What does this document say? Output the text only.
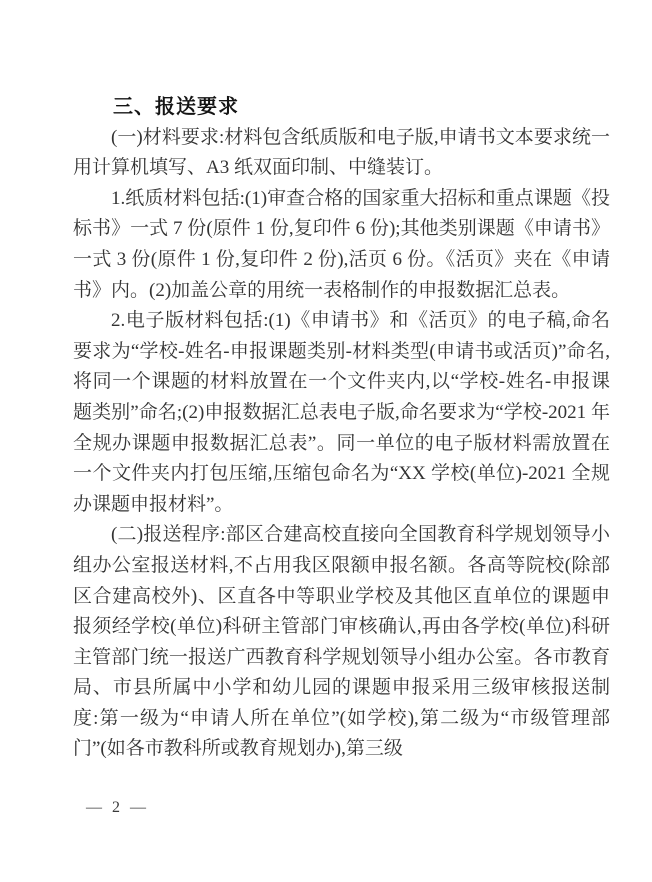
三、报送要求

(一)材料要求:材料包含纸质版和电子版,申请书文本要求统一用计算机填写、A3 纸双面印制、中缝装订。

1.纸质材料包括:(1)审查合格的国家重大招标和重点课题《投标书》一式 7 份(原件 1 份,复印件 6 份);其他类别课题《申请书》一式 3 份(原件 1 份,复印件 2 份),活页 6 份。《活页》夹在《申请书》内。(2)加盖公章的用统一表格制作的申报数据汇总表。

2.电子版材料包括:(1)《申请书》和《活页》的电子稿,命名要求为“学校-姓名-申报课题类别-材料类型(申请书或活页)”命名,将同一个课题的材料放置在一个文件夹内,以“学校-姓名-申报课题类别”命名;(2)申报数据汇总表电子版,命名要求为“学校-2021 年全规办课题申报数据汇总表”。同一单位的电子版材料需放置在一个文件夹内打包压缩,压缩包命名为“XX 学校(单位)-2021 全规办课题申报材料”。

(二)报送程序:部区合建高校直接向全国教育科学规划领导小组办公室报送材料,不占用我区限额申报名额。各高等院校(除部区合建高校外)、区直各中等职业学校及其他区直单位的课题申报须经学校(单位)科研主管部门审核确认,再由各学校(单位)科研主管部门统一报送广西教育科学规划领导小组办公室。各市教育局、市县所属中小学和幼儿园的课题申报采用三级审核报送制度:第一级为“申请人所在单位”(如学校),第二级为“市级管理部门”(如各市教科所或教育规划办),第三级

— 2 —
